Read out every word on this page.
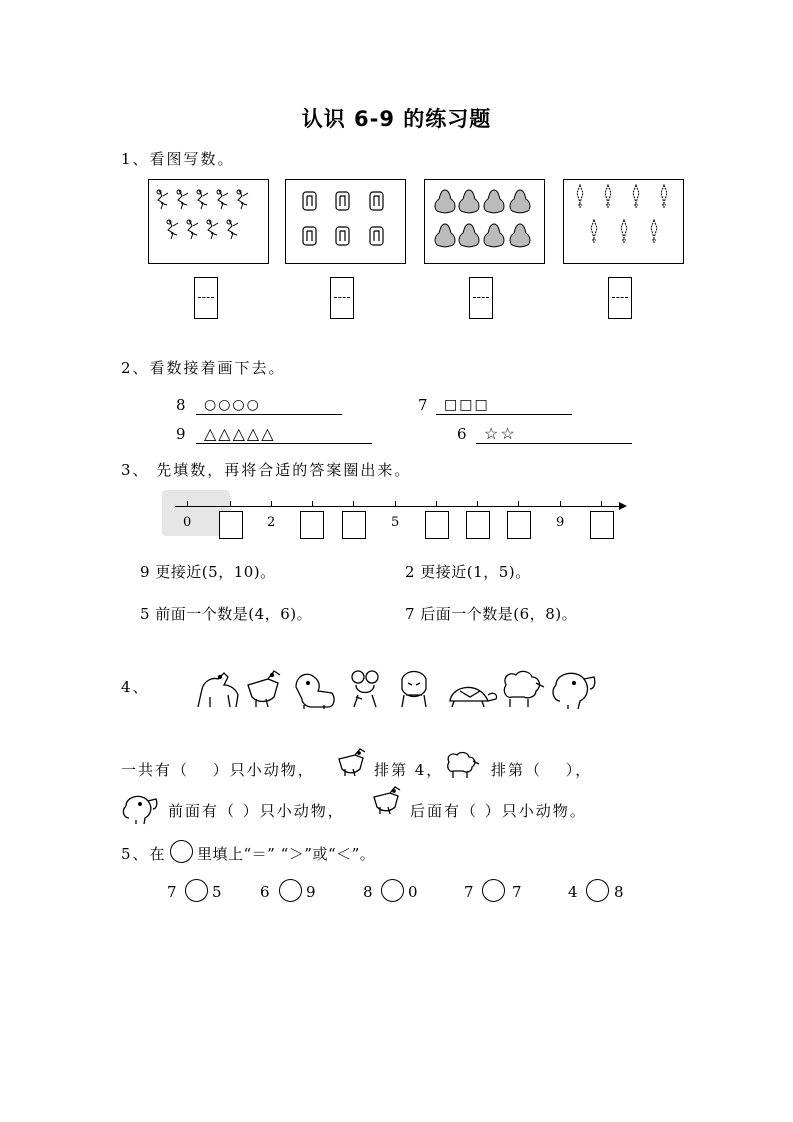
认识 6-9 的练习题
1、看图写数。
2、看数接着画下去。
8	○○○○	7	□□□
9	△△△△△	6	☆☆
3、 先填数，再将合适的答案圈出来。
0	2	5	9
9 更接近(5，10)。	2 更接近(1，5)。
5 前面一个数是(4，6)。	7 后面一个数是(6，8)。
4、
一共有（　 ）只小动物，	排第 4，	排第（　 ），
前面有（ ）只小动物，	后面有（ ）只小动物。
5、在 里填上“＝” “＞”或“＜”。
7 5 6 9	8 0	7 7	4 8
